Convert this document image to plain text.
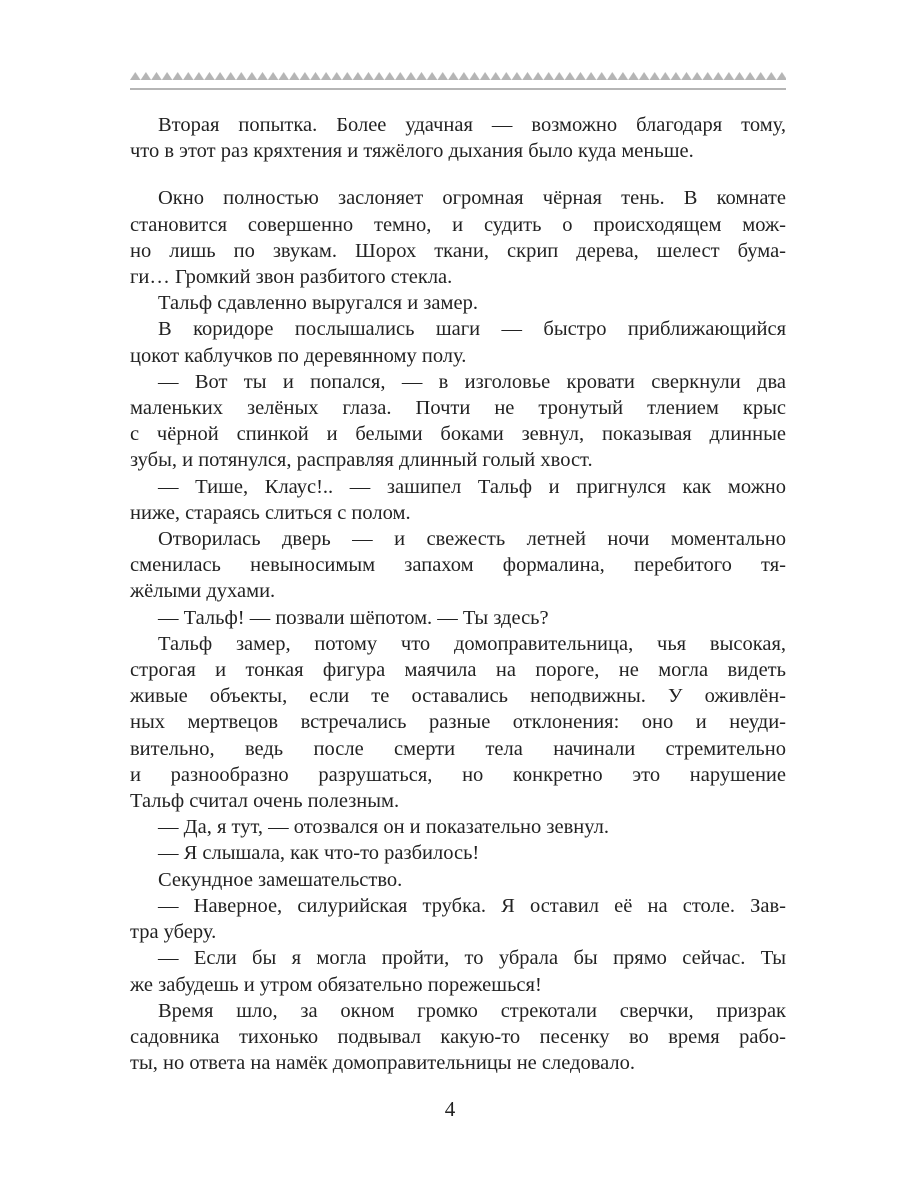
Вторая попытка. Более удачная — возможно благодаря тому,
что в этот раз кряхтения и тяжёлого дыхания было куда меньше.
Окно полностью заслоняет огромная чёрная тень. В комнате
становится совершенно темно, и судить о происходящем мож-
но лишь по звукам. Шорох ткани, скрип дерева, шелест бума-
ги… Громкий звон разбитого стекла.
Тальф сдавленно выругался и замер.
В коридоре послышались шаги — быстро приближающийся
цокот каблучков по деревянному полу.
— Вот ты и попался, — в изголовье кровати сверкнули два
маленьких зелёных глаза. Почти не тронутый тлением крыс
с чёрной спинкой и белыми боками зевнул, показывая длинные
зубы, и потянулся, расправляя длинный голый хвост.
— Тише, Клаус!.. — зашипел Тальф и пригнулся как можно
ниже, стараясь слиться с полом.
Отворилась дверь — и свежесть летней ночи моментально
сменилась невыносимым запахом формалина, перебитого тя-
жёлыми духами.
— Тальф! — позвали шёпотом. — Ты здесь?
Тальф замер, потому что домоправительница, чья высокая,
строгая и тонкая фигура маячила на пороге, не могла видеть
живые объекты, если те оставались неподвижны. У оживлён-
ных мертвецов встречались разные отклонения: оно и неуди-
вительно, ведь после смерти тела начинали стремительно
и разнообразно разрушаться, но конкретно это нарушение
Тальф считал очень полезным.
— Да, я тут, — отозвался он и показательно зевнул.
— Я слышала, как что-то разбилось!
Секундное замешательство.
— Наверное, силурийская трубка. Я оставил её на столе. Зав-
тра уберу.
— Если бы я могла пройти, то убрала бы прямо сейчас. Ты
же забудешь и утром обязательно порежешься!
Время шло, за окном громко стрекотали сверчки, призрак
садовника тихонько подвывал какую-то песенку во время рабо-
ты, но ответа на намёк домоправительницы не следовало.
4
